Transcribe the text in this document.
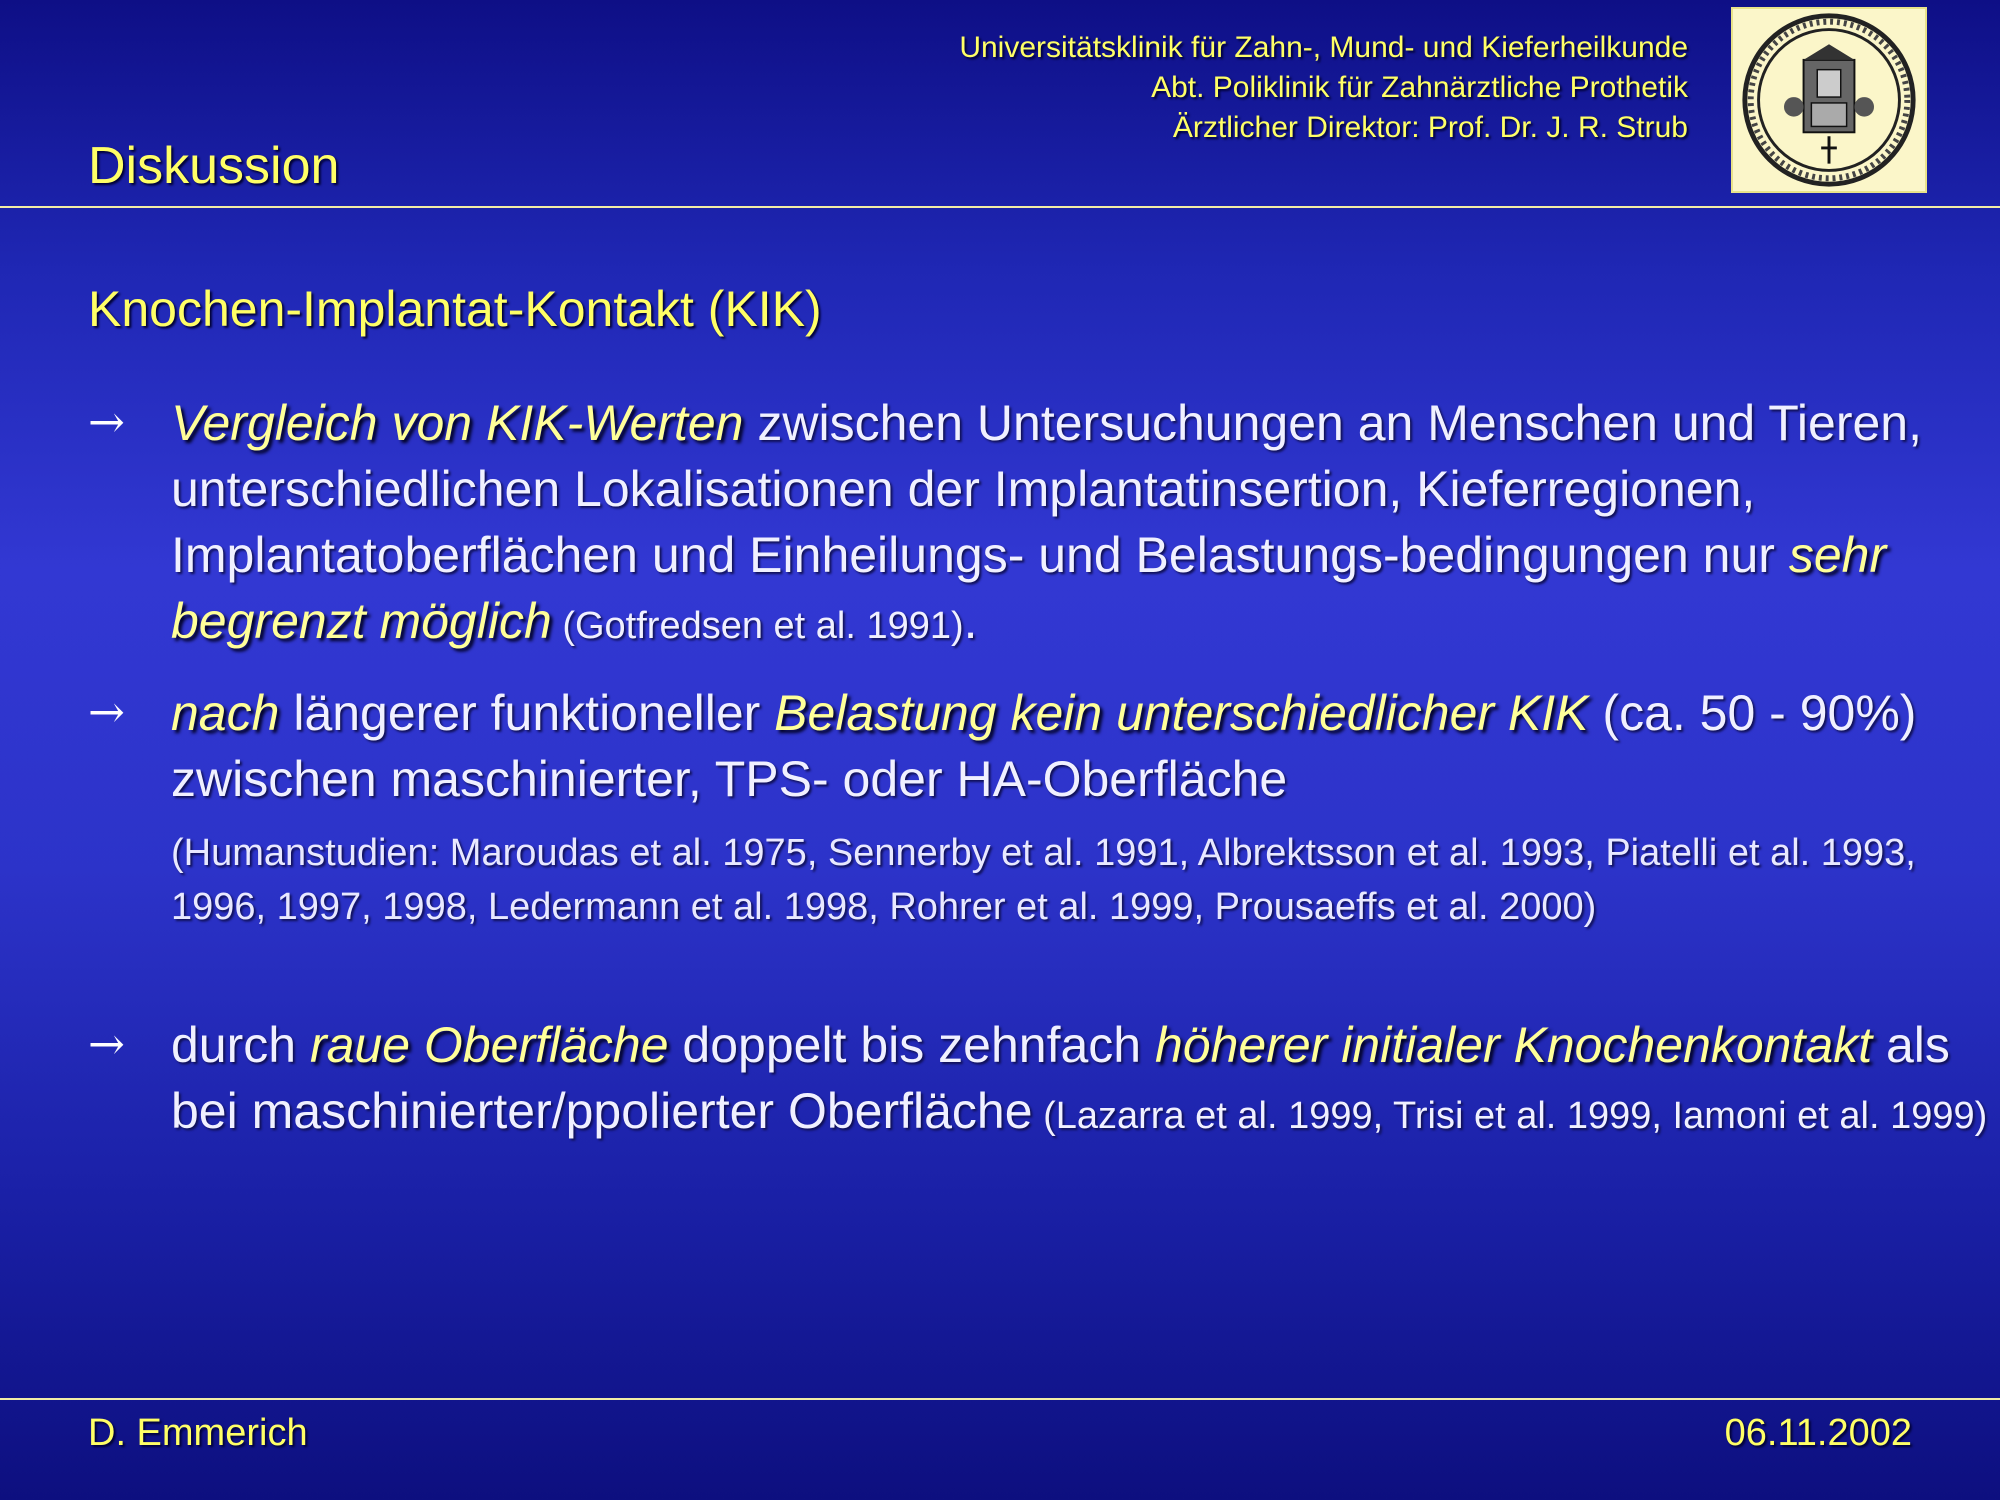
Universitätsklinik für Zahn-, Mund- und Kieferheilkunde
Abt. Poliklinik für Zahnärztliche Prothetik
Ärztlicher Direktor: Prof. Dr. J. R. Strub
Diskussion
Knochen-Implantat-Kontakt (KIK)
→ Vergleich von KIK-Werten zwischen Untersuchungen an Menschen und Tieren, unterschiedlichen Lokalisationen der Implantatinsertion, Kieferregionen, Implantatoberflächen und Einheilungs- und Belastungs-bedingungen nur sehr begrenzt möglich (Gotfredsen et al. 1991).
→ nach längerer funktioneller Belastung kein unterschiedlicher KIK (ca. 50 - 90%) zwischen maschinierter, TPS- oder HA-Oberfläche
(Humanstudien: Maroudas et al. 1975, Sennerby et al. 1991, Albrektsson et al. 1993, Piatelli et al. 1993, 1996, 1997, 1998, Ledermann et al. 1998, Rohrer et al. 1999, Prousaeffs et al. 2000)
→ durch raue Oberfläche doppelt bis zehnfach höherer initialer Knochenkontakt als bei maschinierter/ppolierter Oberfläche (Lazarra et al. 1999, Trisi et al. 1999, Iamoni et al. 1999)
D. Emmerich	06.11.2002
